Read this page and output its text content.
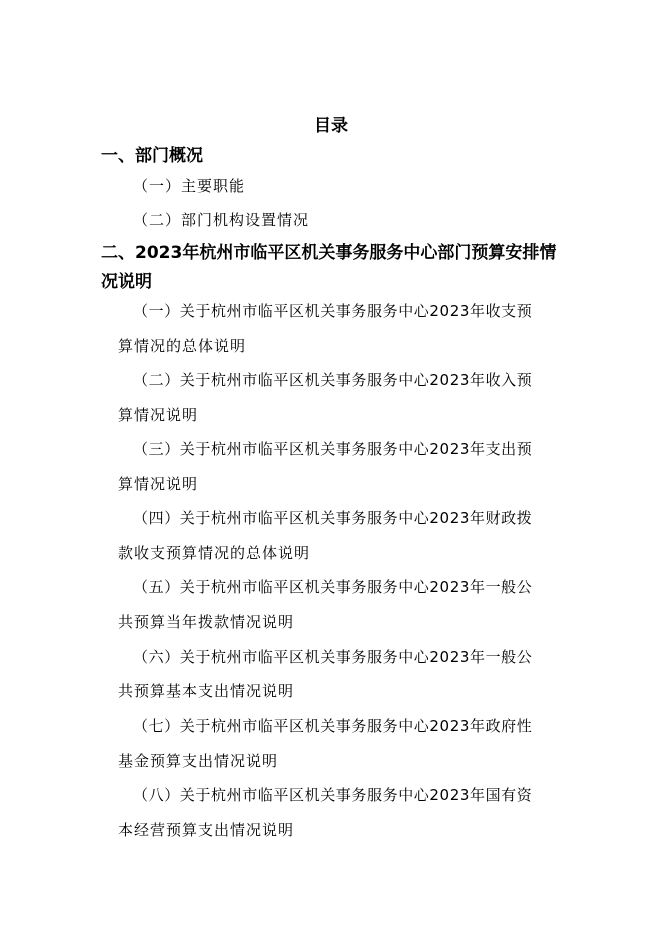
目录
一、部门概况
（一）主要职能
（二）部门机构设置情况
二、2023年杭州市临平区机关事务服务中心部门预算安排情
况说明
（一）关于杭州市临平区机关事务服务中心2023年收支预
算情况的总体说明
（二）关于杭州市临平区机关事务服务中心2023年收入预
算情况说明
（三）关于杭州市临平区机关事务服务中心2023年支出预
算情况说明
（四）关于杭州市临平区机关事务服务中心2023年财政拨
款收支预算情况的总体说明
（五）关于杭州市临平区机关事务服务中心2023年一般公
共预算当年拨款情况说明
（六）关于杭州市临平区机关事务服务中心2023年一般公
共预算基本支出情况说明
（七）关于杭州市临平区机关事务服务中心2023年政府性
基金预算支出情况说明
（八）关于杭州市临平区机关事务服务中心2023年国有资
本经营预算支出情况说明
